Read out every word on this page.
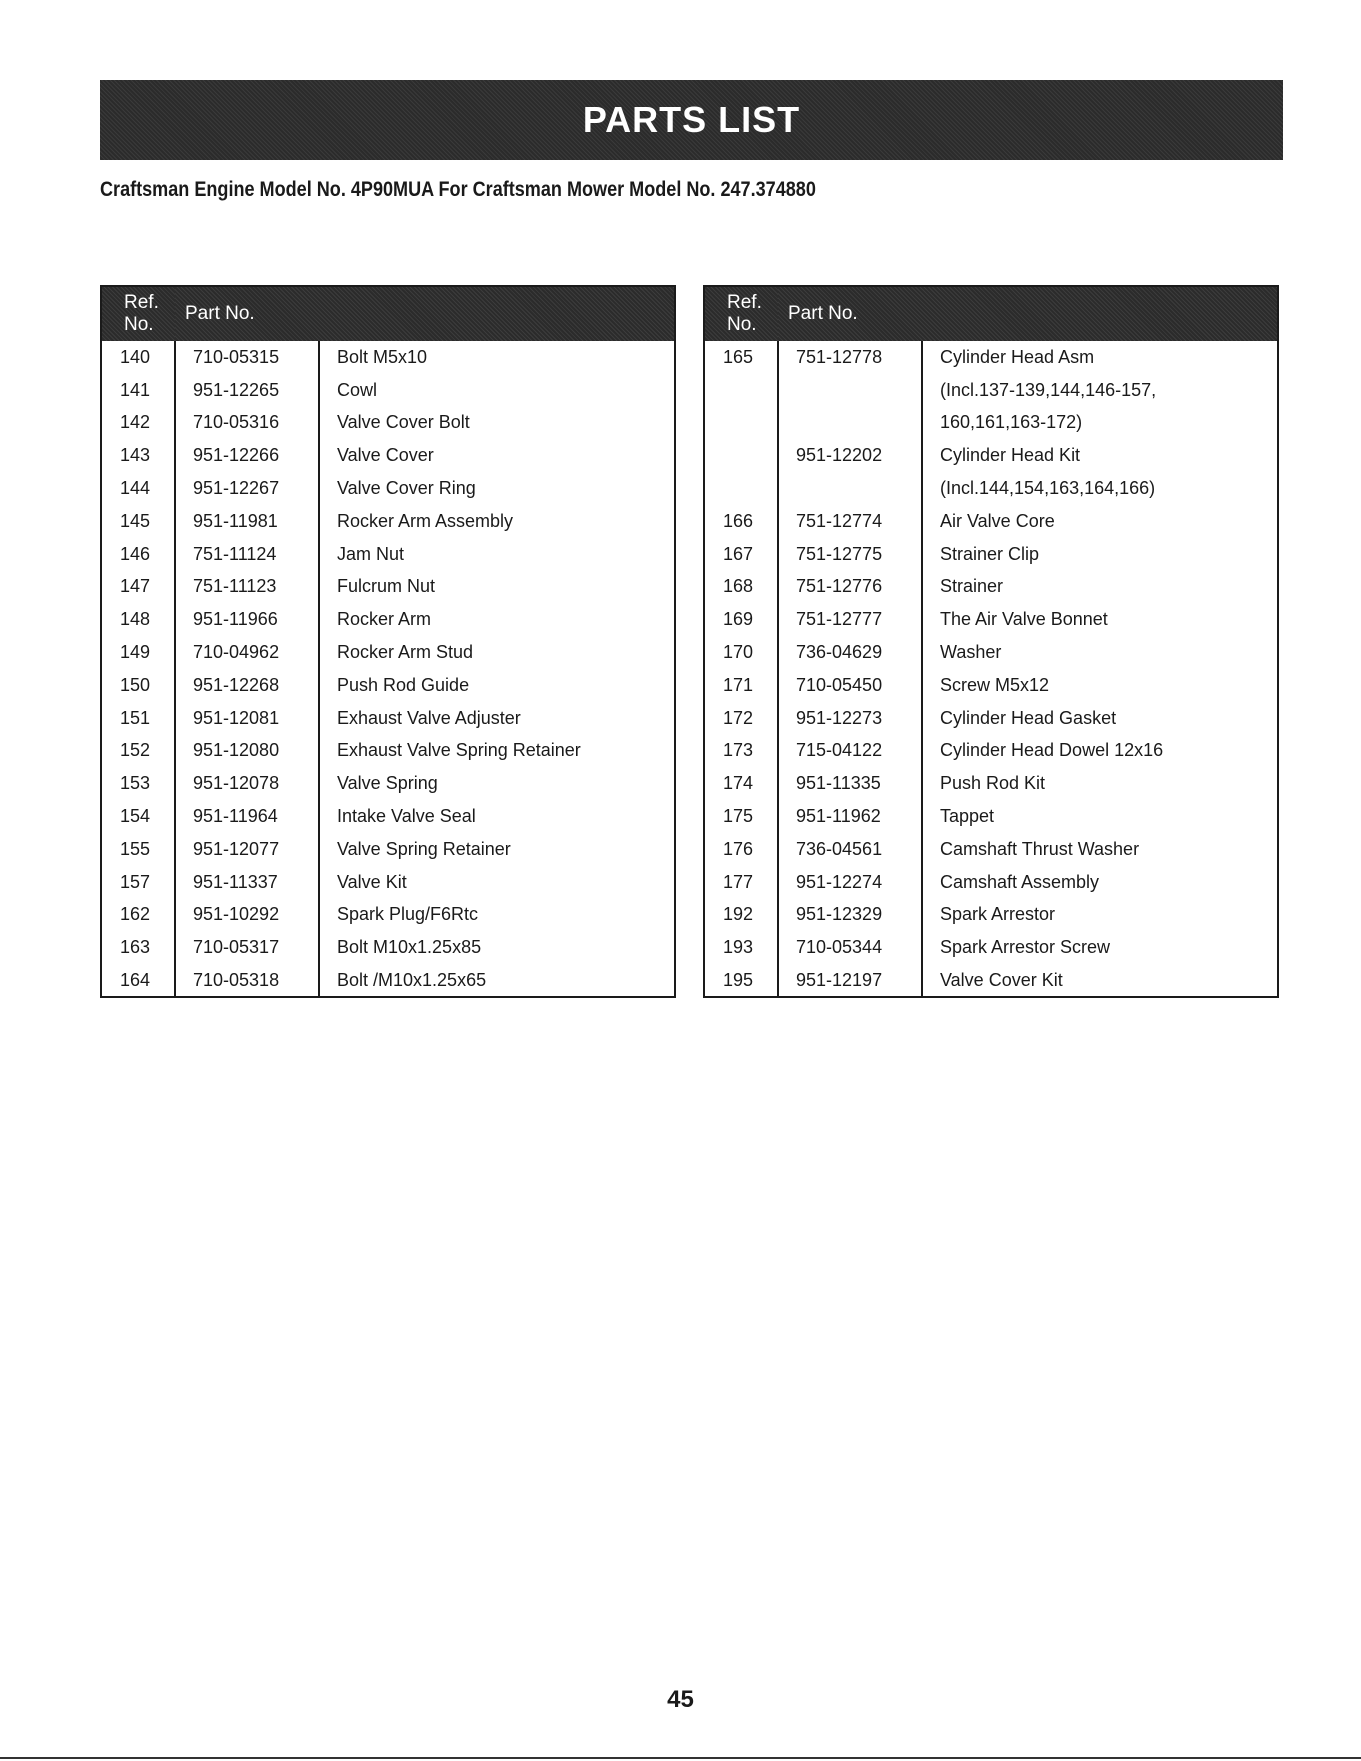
PARTS LIST
Craftsman Engine Model No. 4P90MUA For Craftsman Mower Model No. 247.374880
Ref.
No.	Part No.	
140	710-05315	Bolt M5x10
141	951-12265	Cowl
142	710-05316	Valve Cover Bolt
143	951-12266	Valve Cover
144	951-12267	Valve Cover Ring
145	951-11981	Rocker Arm Assembly
146	751-11124	Jam Nut
147	751-11123	Fulcrum Nut
148	951-11966	Rocker Arm
149	710-04962	Rocker Arm Stud
150	951-12268	Push Rod Guide
151	951-12081	Exhaust Valve Adjuster
152	951-12080	Exhaust Valve Spring Retainer
153	951-12078	Valve Spring
154	951-11964	Intake Valve Seal
155	951-12077	Valve Spring Retainer
157	951-11337	Valve Kit
162	951-10292	Spark Plug/F6Rtc
163	710-05317	Bolt M10x1.25x85
164	710-05318	Bolt /M10x1.25x65
Ref.
No.	Part No.	
165	751-12778	Cylinder Head Asm
		(Incl.137-139,144,146-157,
		160,161,163-172)
	951-12202	Cylinder Head Kit
		(Incl.144,154,163,164,166)
166	751-12774	Air Valve Core
167	751-12775	Strainer Clip
168	751-12776	Strainer
169	751-12777	The Air Valve Bonnet
170	736-04629	Washer
171	710-05450	Screw M5x12
172	951-12273	Cylinder Head Gasket
173	715-04122	Cylinder Head Dowel 12x16
174	951-11335	Push Rod Kit
175	951-11962	Tappet
176	736-04561	Camshaft Thrust Washer
177	951-12274	Camshaft Assembly
192	951-12329	Spark Arrestor
193	710-05344	Spark Arrestor Screw
195	951-12197	Valve Cover Kit
45
